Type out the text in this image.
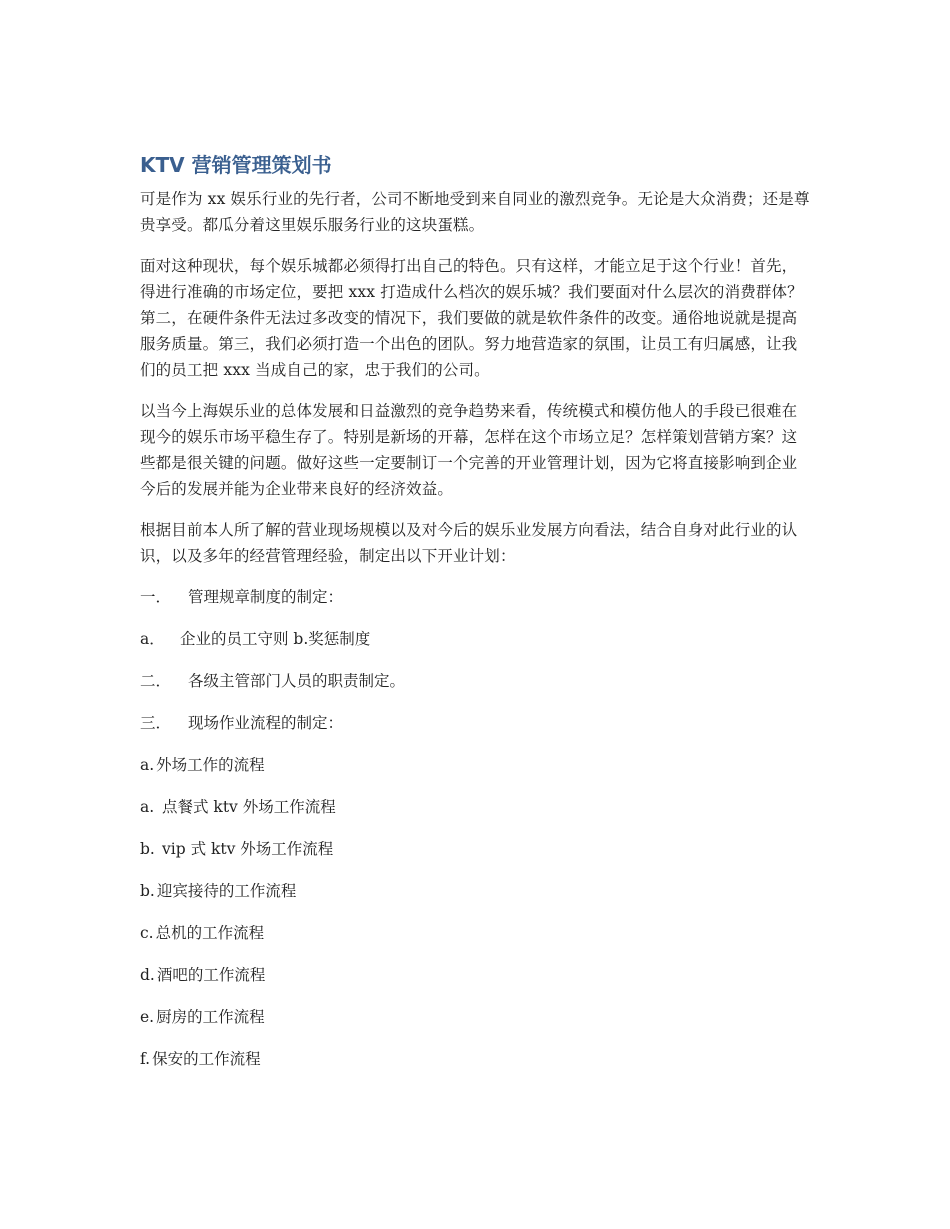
KTV 营销管理策划书

可是作为 xx 娱乐行业的先行者，公司不断地受到来自同业的激烈竞争。无论是大众消费；还是尊贵享受。都瓜分着这里娱乐服务行业的这块蛋糕。

面对这种现状，每个娱乐城都必须得打出自己的特色。只有这样，才能立足于这个行业！首先，得进行准确的市场定位，要把 xxx 打造成什么档次的娱乐城？我们要面对什么层次的消费群体？第二，在硬件条件无法过多改变的情况下，我们要做的就是软件条件的改变。通俗地说就是提高服务质量。第三，我们必须打造一个出色的团队。努力地营造家的氛围，让员工有归属感，让我们的员工把 xxx 当成自己的家，忠于我们的公司。

以当今上海娱乐业的总体发展和日益激烈的竞争趋势来看，传统模式和模仿他人的手段已很难在现今的娱乐市场平稳生存了。特别是新场的开幕，怎样在这个市场立足？怎样策划营销方案？这些都是很关键的问题。做好这些一定要制订一个完善的开业管理计划，因为它将直接影响到企业今后的发展并能为企业带来良好的经济效益。

根据目前本人所了解的营业现场规模以及对今后的娱乐业发展方向看法，结合自身对此行业的认识，以及多年的经营管理经验，制定出以下开业计划：

一． 管理规章制度的制定：
a． 企业的员工守则 b.奖惩制度
二． 各级主管部门人员的职责制定。
三． 现场作业流程的制定：
a. 外场工作的流程
a. 点餐式 ktv 外场工作流程
b. vip 式 ktv 外场工作流程
b. 迎宾接待的工作流程
c. 总机的工作流程
d. 酒吧的工作流程
e. 厨房的工作流程
f. 保安的工作流程
